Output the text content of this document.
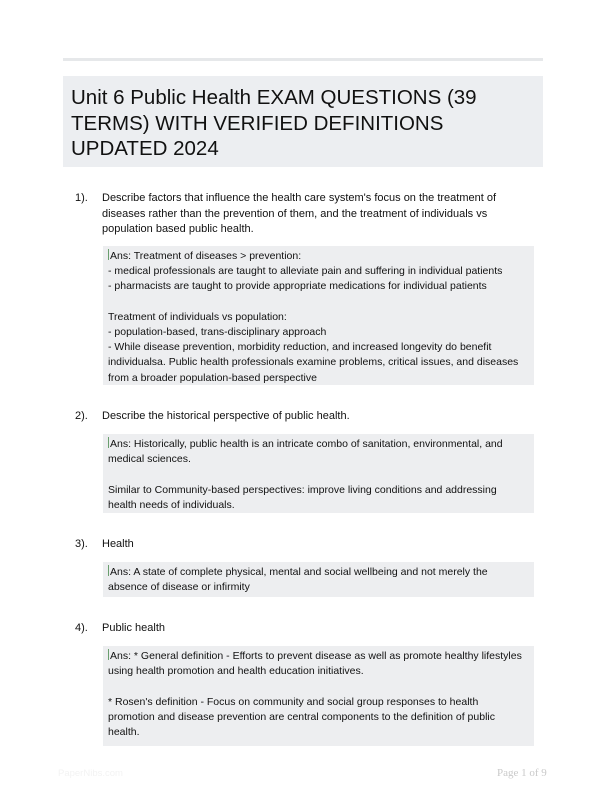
Unit 6 Public Health EXAM QUESTIONS (39 TERMS) WITH VERIFIED DEFINITIONS UPDATED 2024
1). Describe factors that influence the health care system's focus on the treatment of diseases rather than the prevention of them, and the treatment of individuals vs population based public health.
Ans: Treatment of diseases > prevention:
- medical professionals are taught to alleviate pain and suffering in individual patients
- pharmacists are taught to provide appropriate medications for individual patients
Treatment of individuals vs population:
- population-based, trans-disciplinary approach
- While disease prevention, morbidity reduction, and increased longevity do benefit
individualsa. Public health professionals examine problems, critical issues, and diseases
from a broader population-based perspective
2). Describe the historical perspective of public health.
Ans: Historically, public health is an intricate combo of sanitation, environmental, and
medical sciences.
Similar to Community-based perspectives: improve living conditions and addressing
health needs of individuals.
3). Health
Ans: A state of complete physical, mental and social wellbeing and not merely the
absence of disease or infirmity
4). Public health
Ans: * General definition - Efforts to prevent disease as well as promote healthy lifestyles
using health promotion and health education initiatives.
* Rosen's definition - Focus on community and social group responses to health
promotion and disease prevention are central components to the definition of public
health.
PaperNibs.com	Page 1 of 9
